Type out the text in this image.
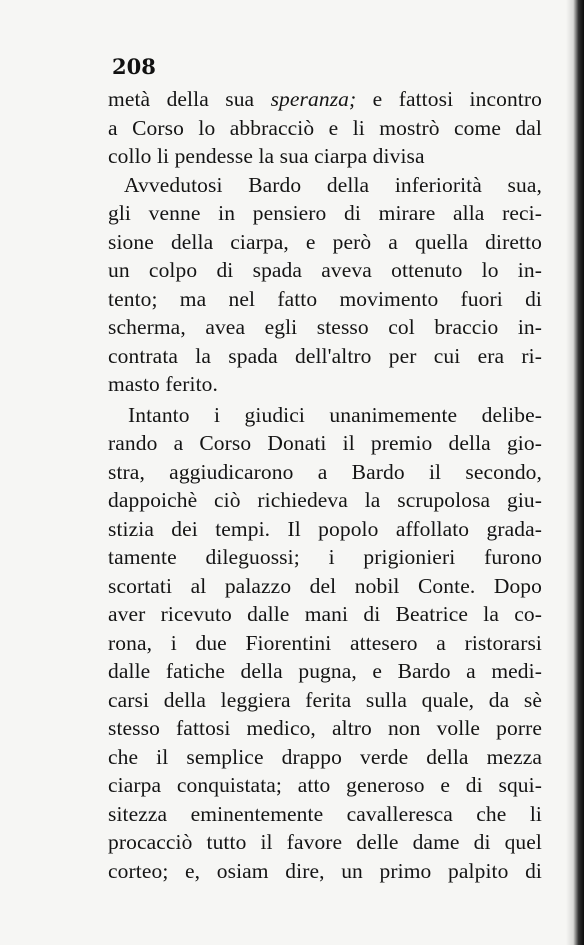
208
metà della sua speranza; e fattosi incontro
a Corso lo abbracciò e li mostrò come dal
collo li pendesse la sua ciarpa divisa
Avvedutosi Bardo della inferiorità sua,
gli venne in pensiero di mirare alla reci-
sione della ciarpa, e però a quella diretto
un colpo di spada aveva ottenuto lo in-
tento; ma nel fatto movimento fuori di
scherma, avea egli stesso col braccio in-
contrata la spada dell'altro per cui era ri-
masto ferito.
Intanto i giudici unanimemente delibe-
rando a Corso Donati il premio della gio-
stra, aggiudicarono a Bardo il secondo,
dappoichè ciò richiedeva la scrupolosa giu-
stizia dei tempi. Il popolo affollato grada-
tamente dileguossi; i prigionieri furono
scortati al palazzo del nobil Conte. Dopo
aver ricevuto dalle mani di Beatrice la co-
rona, i due Fiorentini attesero a ristorarsi
dalle fatiche della pugna, e Bardo a medi-
carsi della leggiera ferita sulla quale, da sè
stesso fattosi medico, altro non volle porre
che il semplice drappo verde della mezza
ciarpa conquistata; atto generoso e di squi-
sitezza eminentemente cavalleresca che li
procacciò tutto il favore delle dame di quel
corteo; e, osiam dire, un primo palpito di
